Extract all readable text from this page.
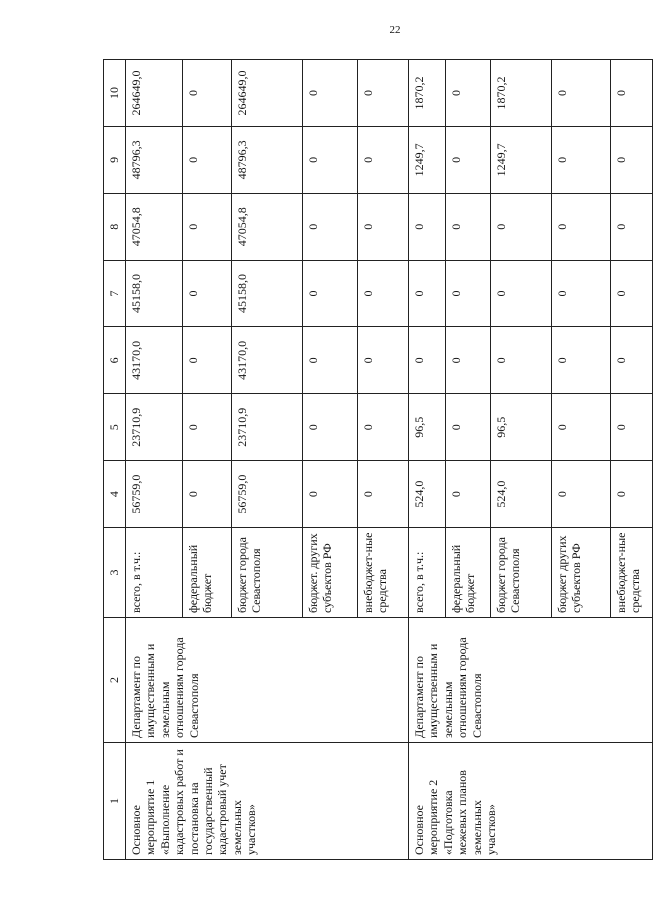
22
1	2	3	4	5	6	7	8	9	10
Основное мероприятие 1 «Выполнение кадастровых работ и постановка на государственный кадастровый учет земельных участков»	Департамент по имущественным и земельным отношениям города Севастополя	всего, в т.ч.:	56759,0	23710,9	43170,0	45158,0	47054,8	48796,3	264649,0
		федеральный бюджет	0	0	0	0	0	0	0
		бюджет города Севастополя	56759,0	23710,9	43170,0	45158,0	47054,8	48796,3	264649,0
		бюджет. других субъектов РФ	0	0	0	0	0	0	0
		внебюджет-ные средства	0	0	0	0	0	0	0
Основное мероприятие 2 «Подготовка межевых планов земельных участков»	Департамент по имущественным и земельным отношениям города Севастополя	всего, в т.ч.:	524,0	96,5	0	0	0	1249,7	1870,2
		федеральный бюджет	0	0	0	0	0	0	0
		бюджет города Севастополя	524,0	96,5	0	0	0	1249,7	1870,2
		бюджет других субъектов РФ	0	0	0	0	0	0	0
		внебюджет-ные средства	0	0	0	0	0	0	0
